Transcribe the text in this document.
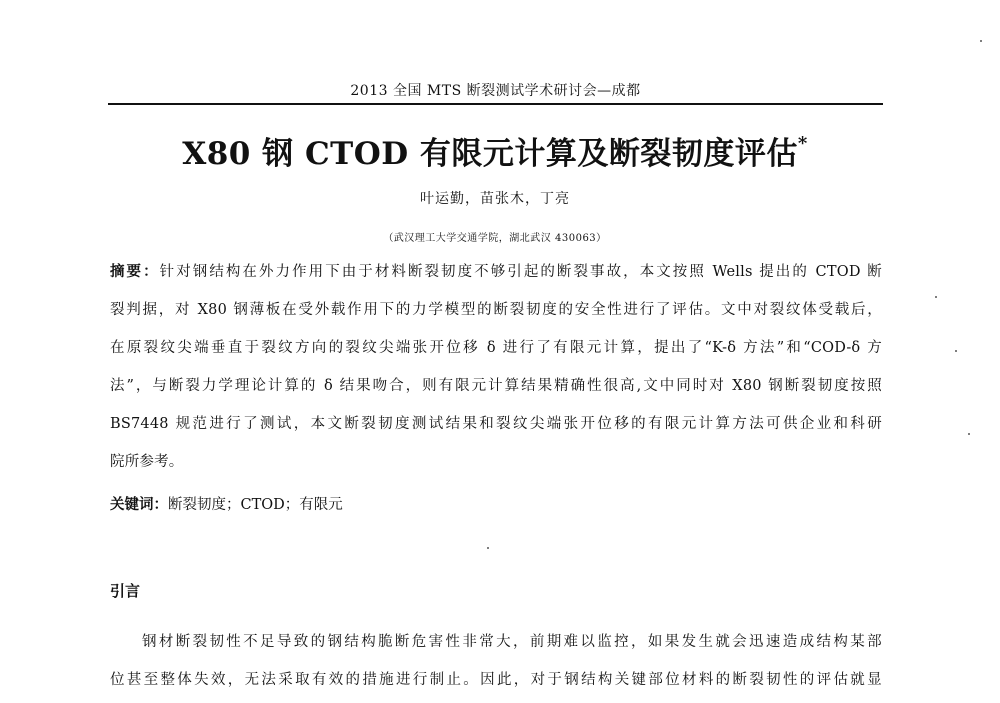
2013 全国 MTS 断裂测试学术研讨会—成都
X80 钢 CTOD 有限元计算及断裂韧度评估*
叶运勤，苗张木，丁亮
（武汉理工大学交通学院，湖北武汉 430063）
摘要：针对钢结构在外力作用下由于材料断裂韧度不够引起的断裂事故，本文按照 Wells 提出的 CTOD 断
裂判据，对 X80 钢薄板在受外载作用下的力学模型的断裂韧度的安全性进行了评估。文中对裂纹体受载后，
在原裂纹尖端垂直于裂纹方向的裂纹尖端张开位移 δ 进行了有限元计算，提出了“K-δ 方法”和“COD-δ 方
法”，与断裂力学理论计算的 δ 结果吻合，则有限元计算结果精确性很高,文中同时对 X80 钢断裂韧度按照
BS7448 规范进行了测试，本文断裂韧度测试结果和裂纹尖端张开位移的有限元计算方法可供企业和科研
院所参考。
关键词：断裂韧度；CTOD；有限元
引言
钢材断裂韧性不足导致的钢结构脆断危害性非常大，前期难以监控，如果发生就会迅速造成结构某部
位甚至整体失效，无法采取有效的措施进行制止。因此，对于钢结构关键部位材料的断裂韧性的评估就显
